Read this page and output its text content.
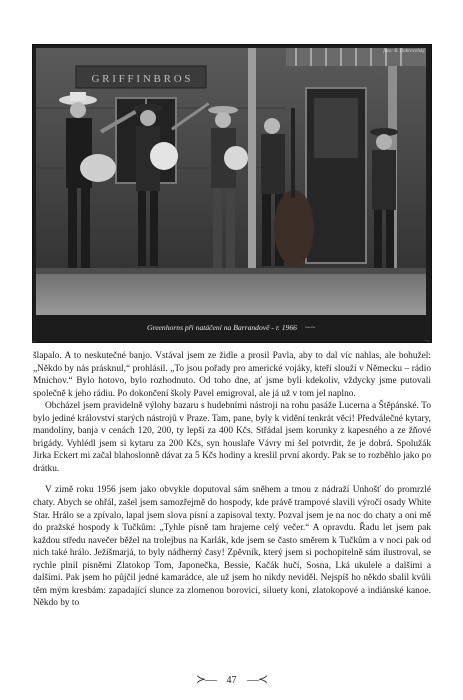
G R I F F I N B R O S
foto: B. Dobrovolský
Greenhorns při natáčení na Barrandově - r. 1966 ~·~
⌐	¬

šlapalo. A to neskutečné banjo. Vstával jsem ze židle a prosil Pavla, aby to dal víc nahlas, ale bohužel: „Někdo by nás prásknul,“ prohlásil. „To jsou pořady pro americké vojáky, kteří slouží v Německu – rádio Mnichov.“ Bylo hotovo, bylo rozhodnuto. Od toho dne, ať jsme byli kdekoliv, vždycky jsme putovali společně k jeho rádiu. Po dokončení školy Pavel emigroval, ale já už v tom jel naplno.

Obcházel jsem pravidelně výlohy bazaru s hudebními nástroji na rohu pasáže Lucerna a Štěpánské. To bylo jediné království starých nástrojů v Praze. Tam, pane, byly k vidění tenkrát věci! Předválečné kytary, mandolíny, banja v cenách 120, 200, ty lepší za 400 Kčs. Střádal jsem korunky z kapesného a ze žňové brigády. Vyhlédl jsem si kytaru za 200 Kčs, syn houslaře Vávry mi šel potvrdit, že je dobrá. Spolužák Jirka Eckert mi začal blahoslonně dávat za 5 Kčs hodiny a kreslil první akordy. Pak se to rozběhlo jako po drátku.

V zimě roku 1956 jsem jako obvykle doputoval sám sněhem a tmou z nádraží Unhošť do promrzlé chaty. Abych se ohřál, zašel jsem samozřejmě do hospody, kde právě trampové slavili výročí osady White Star. Hrálo se a zpívalo, lapal jsem slova písní a zapisoval texty. Pozval jsem je na noc do chaty a oni mě do pražské hospody k Tučkům: „Tyhle písně tam hrajeme celý večer.“ A opravdu. Řadu let jsem pak každou středu navečer běžel na trolejbus na Karlák, kde jsem se často směrem k Tučkům a v noci pak od nich také hrálo. Ježíšmarjá, to byly nádherný časy! Zpěvník, který jsem si pochopitelně sám ilustroval, se rychle plnil písněmi Zlatokop Tom, Japonečka, Bessie, Kačák hučí, Sosna, Lká ukulele a dalšími a dalšími. Pak jsem ho půjčil jedné kamarádce, ale už jsem ho nikdy neviděl. Nejspíš ho někdo sbalil kvůli těm mým kresbám: zapadající slunce za zlomenou borovicí, siluety koní, zlatokopové a indiánské kanoe. Někdo by to

≻— 47 —≺
